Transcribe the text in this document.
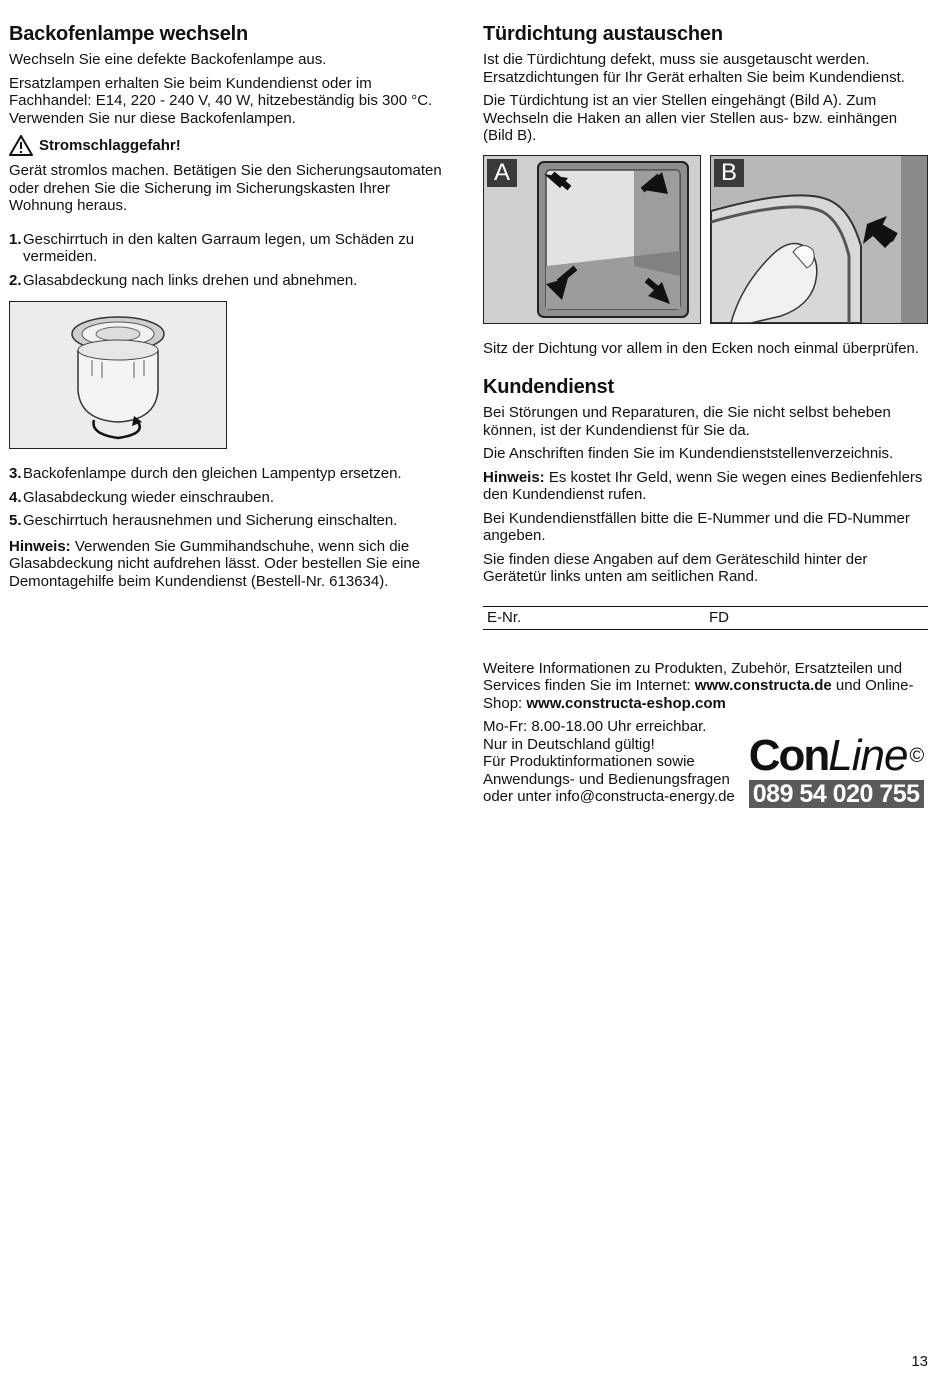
Backofenlampe wechseln

Wechseln Sie eine defekte Backofenlampe aus.

Ersatzlampen erhalten Sie beim Kundendienst oder im Fachhandel: E14, 220 - 240 V, 40 W, hitzebeständig bis 300 °C. Verwenden Sie nur diese Backofenlampen.

Stromschlaggefahr!

Gerät stromlos machen. Betätigen Sie den Sicherungsautomaten oder drehen Sie die Sicherung im Sicherungskasten Ihrer Wohnung heraus.

1. Geschirrtuch in den kalten Garraum legen, um Schäden zu vermeiden.
2. Glasabdeckung nach links drehen und abnehmen.
3. Backofenlampe durch den gleichen Lampentyp ersetzen.
4. Glasabdeckung wieder einschrauben.
5. Geschirrtuch herausnehmen und Sicherung einschalten.

Hinweis: Verwenden Sie Gummihandschuhe, wenn sich die Glasabdeckung nicht aufdrehen lässt. Oder bestellen Sie eine Demontagehilfe beim Kundendienst (Bestell-Nr. 613634).

Türdichtung austauschen

Ist die Türdichtung defekt, muss sie ausgetauscht werden. Ersatzdichtungen für Ihr Gerät erhalten Sie beim Kundendienst.

Die Türdichtung ist an vier Stellen eingehängt (Bild A). Zum Wechseln die Haken an allen vier Stellen aus- bzw. einhängen (Bild B).

A	B

Sitz der Dichtung vor allem in den Ecken noch einmal überprüfen.

Kundendienst

Bei Störungen und Reparaturen, die Sie nicht selbst beheben können, ist der Kundendienst für Sie da.

Die Anschriften finden Sie im Kundendienststellenverzeichnis.

Hinweis: Es kostet Ihr Geld, wenn Sie wegen eines Bedienfehlers den Kundendienst rufen.

Bei Kundendienstfällen bitte die E-Nummer und die FD-Nummer angeben.

Sie finden diese Angaben auf dem Geräteschild hinter der Gerätetür links unten am seitlichen Rand.

E-Nr.	FD

Weitere Informationen zu Produkten, Zubehör, Ersatzteilen und Services finden Sie im Internet: www.constructa.de und Online-Shop: www.constructa-eshop.com

Mo-Fr: 8.00-18.00 Uhr erreichbar.

Nur in Deutschland gültig!

Für Produktinformationen sowie

Anwendungs- und Bedienungsfragen

oder unter info@constructa-energy.de

Con Line ©
089 54 020 755
13
